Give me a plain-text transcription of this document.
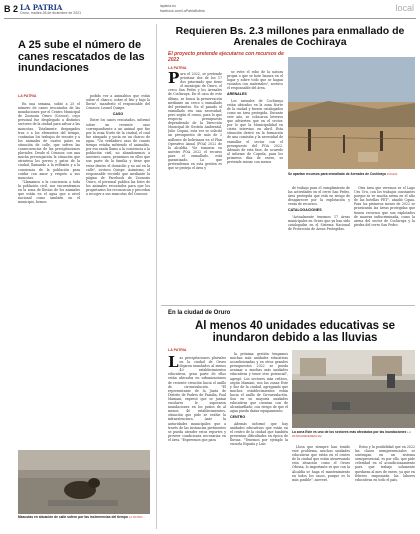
B 2 LA PATRIA
Oruro, martes 28 de diciembre de 2021
lapatria.bo
facebook.com/LaPatriaBolivia	local
A 25 sube el número de canes rescatados de las inundaciones
LA PATRIA

En una semana, subió a 25 el número de canes rescatados de las inundaciones por el Centro Municipal de Zoonosis Oruro (Cezoor), cuyo personal fue desplegado a distintos sectores de la ciudad para salvar a las mascotas. Totalmente despegados tras o a los elementos del tiempo, continúan los trabajos de rescate y a los animales de cuatro patas en situación de calle, que sufren las consecuencias de las precipitaciones pluviales. Desde el Cenzoor, con una mucha preocupación la situación que atraviesa los perros y gatos de la ciudad, llamando a la reflexión y a la conciencia de la población para cuidar con amor y respeto a sus mascotas.

"Llamamos a la conciencia a toda la población civil, nos encuentramos en la zona de lluvias de los animales que están en el agua que a nivel nacional como también en el municipio, hemos

podido ver a animalitos que están sobre el charco, sobre el frío y bajo la lluvia", manifestó el responsable del Cenzoor, Leonel Quispe.

CASO

Entre los canes rescatados, informó sobre un reciente caso correspondiente a un animal que fue por la zona Norte de la ciudad, el cual fue atrapado y yacía en un charco de agua. "Un verdadero caso de cuanto tiempo estaba sufriendo el animalito, por esa razón llamo a la conciencia a la población civil, no abandonemos a nuestros canes, pensemos en ellos que son parte de la familia y tiene que estar dentro el domicilio y no así en la calle", sostuvo Quispe. Asimismo, el responsable recordó que mediante la página de Facebook de Zoonosis Oruro, el personal publica las fotos de los animales rescatados para que los propietarios los reconozcan y procedan a recoger a sus mascotas del Cenzoor.

Mascotas en situación de calle sufren por las inclemencias del tiempo LA PATRIA
Requieren Bs. 2.3 millones para enmallado de Arenales de Cochiraya
El proyecto pretende ejecutarse con recursos de 2022
LA PATRIA
Para el 2022, se pretende priorizar dos de los 17 dos priorizado que tiene el municipio de Oruro, el cerco San Pedro y los Arenales de Cochiraya. En el caso de este último, se busca la preservación mediante un cerco o enmallado del perímetro. En el pasado el enmallado era una necesidad; pero según el censo, para lo que respecta presupuesto dependiendo de la Dirección Municipal de Gestión Ambiental, Julio Coquia, esta vez se solicitó un presupuesto de más de 2 millones de bolivianos en el Plan Operativo Anual (POA) 2022 de la alcaldía. "Se tomaron en nuestro POA 2022 el recurso para el enmallado, está garantizado. Lo que pretendemos en esta gestión es que se proteja el área y

se evite el robo de la natura propia o que se bote basura en el lugar y sobre todo que se hagan vaciados con materiales", sostuvo el responsable del área.

ARENALES

Los arenales de Cochiraya están ubicados en la zona Norte de la ciudad y fueron catalogados como un área protegida. Durante este año, se colocaron letreros que advierten que en el sector, por lo que la Municipalidad en cierta intervino en abril. Esta situación derivó en la formación de una comisión y la necesidad de enmallar el sector con el presupuesto del POA 2022. Además de esta fase, de acuerdo al informe de Copeda, para los primeros días de enero, se pretende iniciar con menos

Se apartan recursos para enmallado de Arenales de Cochiraya PÁGINA

de trabajo para el cumplimiento de las actividades en el cerro San Pedro, área protegida que está en riesgo de desaparecer por la explotación y venta de recursos.

CATALOGACIONES

"Actualmente tenemos 17 áreas municipales en Oruro que ya han sido catalogadas en el Sistema Nacional de Protección de Áreas Protegidas.

Otra área que veremos es el Lago Uru Uru, con los trabajos constantes porque se ve mucha arena en el alto de las botellas PET", añadió Cquia. Para los primeros meses de 2022 se priorizarán las áreas protegidas que tienen recursos que son explotados de manera indiscriminada, como la arena del sector de Cochiraya y la piedra del cerro San Pedro.

En la ciudad de Oruro
Al menos 40 unidades educativas se inundaron debido a las lluvias
LA PATRIA
Las precipitaciones pluviales en la ciudad de Oruro dejaron inundados al menos 40 establecimientos educativos, gran parte de ellos están ubicados en urbanizaciones de reciente creación hacia el anillo de circunvalación. "El representante de la Junta de Distrito de Padres de Familia, Paul Mamani, expresó que se juntan escolares le superaron inundaciones en los patios de al menos 40 establecimientos, situación que pide se evalúe la infraestructura. Ante la autoridades municipales que a través de las instancias pertinentes se pueda atender estos reportes y proveer condiciones necesarias en el área. "Esperemos que para

la próxima gestión tengamos muchas más unidades educativas acondicionadas y en otros grandes presupuestos 2022 se pueda avanzar a muchas más unidades educativas y tener otro potencial", agregó. Los sectores más críticos, según Mamani, son las zonas Este y Sur de la ciudad, agregando que muchos establecimientos están hacia el anillo de Circunvalación. Son en su mayoría unidades educativas que cuentan con de alcantarillado, con riesgo de que el agua pueda dañar equipamiento.

CENTRO

Además informó que hay unidades educativas que están en el centro de la ciudad que también presentan dificultades en época de lluvias. "Tenemos por ejemplo la escuela España y Luis

La zona Este es uno de los sectores más afectados por las inundaciones LA PATRIA/REFERENCIAL

Llosa que siempre han tenido este problema, muchas unidades educativas que están en el centro de la ciudad que están atravesando esta situación como el Oruro Oficina, lo importante es que con la Alcaldía se haga el mantenimiento en todos los casos, porque es lo más posible", aseveró.

Estos y la posibilidad que en 2022 las clases semipresenciales se sostengan en un sistema semipresencial, es por ello, que pide celeridad en el acondicionamiento para que trabajo solamente quedaran al mes de enero, ya que en febrero empezarán las labores educativas en todo el país.
